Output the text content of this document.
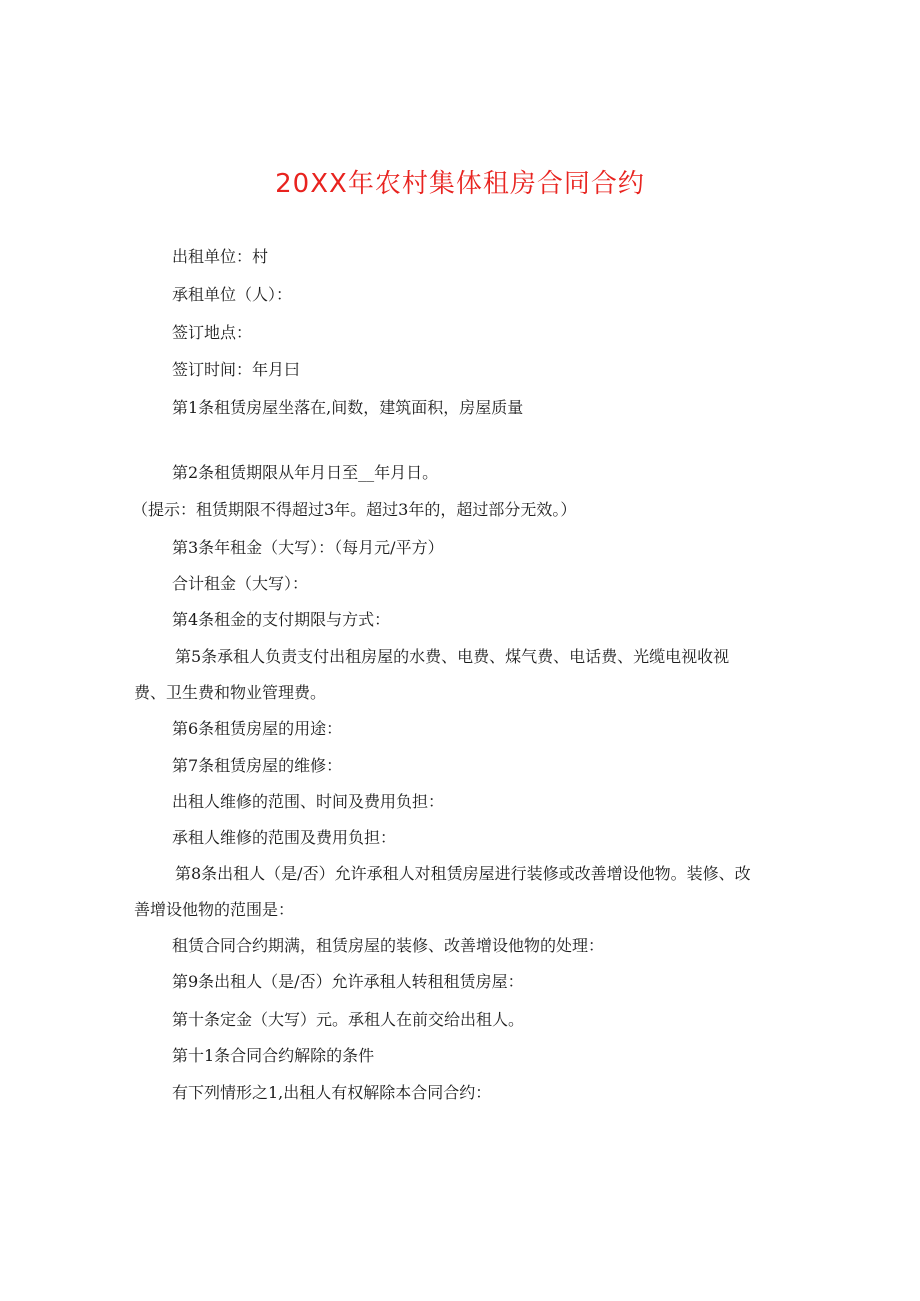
20XX年农村集体租房合同合约
出租单位：村
承租单位（人）：
签订地点：
签订时间：年月曰
第1条租赁房屋坐落在,间数，建筑面积，房屋质量
第2条租赁期限从年月日至__年月日。
（提示：租赁期限不得超过3年。超过3年的，超过部分无效。）
第3条年租金（大写）：（每月元/平方）
合计租金（大写）：
第4条租金的支付期限与方式：
第5条承租人负责支付出租房屋的水费、电费、煤气费、电话费、光缆电视收视
费、卫生费和物业管理费。
第6条租赁房屋的用途：
第7条租赁房屋的维修：
出租人维修的范围、时间及费用负担：
承租人维修的范围及费用负担：
第8条出租人（是/否）允许承租人对租赁房屋进行装修或改善增设他物。装修、改
善增设他物的范围是：
租赁合同合约期满，租赁房屋的装修、改善增设他物的处理：
第9条出租人（是/否）允许承租人转租租赁房屋：
第十条定金（大写）元。承租人在前交给出租人。
第十1条合同合约解除的条件
有下列情形之1,出租人有权解除本合同合约：
